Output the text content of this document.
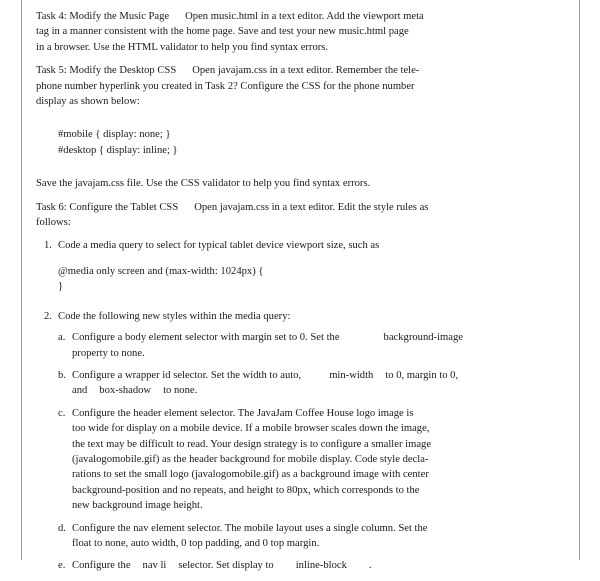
Task 4: Modify the Music Page Open music.html in a text editor. Add the viewport meta
tag in a manner consistent with the home page. Save and test your new music.html page
in a browser. Use the HTML validator to help you find syntax errors.

Task 5: Modify the Desktop CSS Open javajam.css in a text editor. Remember the tele-
phone number hyperlink you created in Task 2? Configure the CSS for the phone number
display as shown below:

#mobile { display: none; }
#desktop { display: inline; }

Save the javajam.css file. Use the CSS validator to help you find syntax errors.

Task 6: Configure the Tablet CSS Open javajam.css in a text editor. Edit the style rules as
follows:

1. Code a media query to select for typical tablet device viewport size, such as
@media only screen and (max-width: 1024px) {
}
2. Code the following new styles within the media query:
a. Configure a body element selector with margin set to 0. Set the	background-image
property to none.
b. Configure a wrapper id selector. Set the width to auto,	min-width to 0, margin to 0,
and box-shadow to none.
c. Configure the header element selector. The JavaJam Coffee House logo image is
too wide for display on a mobile device. If a mobile browser scales down the image,
the text may be difficult to read. Your design strategy is to configure a smaller image
(javalogomobile.gif) as the header background for mobile display. Code style decla-
rations to set the small logo (javalogomobile.gif) as a background image with center
background-position and no repeats, and height to 80px, which corresponds to the
new background image height.
d. Configure the nav element selector. The mobile layout uses a single column. Set the
float to none, auto width, 0 top padding, and 0 top margin.
e. Configure the nav li selector. Set display to inline-block .
